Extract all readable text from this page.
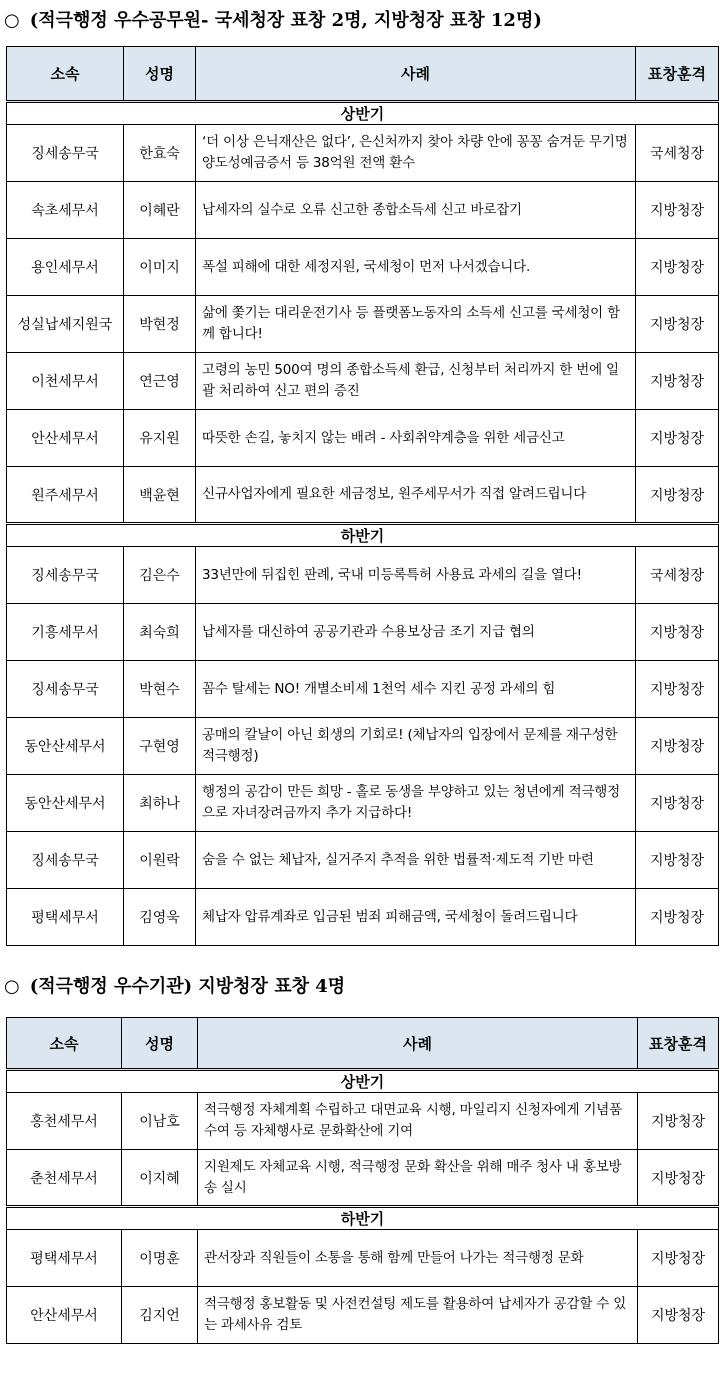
○ (적극행정 우수공무원- 국세청장 표창 2명, 지방청장 표창 12명)
소속	성명	사례	표창훈격
상반기			
징세송무국	한효숙	‘더 이상 은닉재산은 없다’, 은신처까지 찾아 차량 안에 꽁꽁 숨겨둔 무기명 양도성예금증서 등 38억원 전액 환수	국세청장
속초세무서	이혜란	납세자의 실수로 오류 신고한 종합소득세 신고 바로잡기	지방청장
용인세무서	이미지	폭설 피해에 대한 세정지원, 국세청이 먼저 나서겠습니다.	지방청장
성실납세지원국	박현정	삶에 쫓기는 대리운전기사 등 플랫폼노동자의 소득세 신고를 국세청이 함께 합니다!	지방청장
이천세무서	연근영	고령의 농민 500여 명의 종합소득세 환급, 신청부터 처리까지 한 번에 일괄 처리하여 신고 편의 증진	지방청장
안산세무서	유지원	따뜻한 손길, 놓치지 않는 배려 - 사회취약계층을 위한 세금신고	지방청장
원주세무서	백윤현	신규사업자에게 필요한 세금정보, 원주세무서가 직접 알려드립니다	지방청장
하반기			
징세송무국	김은수	33년만에 뒤집힌 판례, 국내 미등록특허 사용료 과세의 길을 열다!	국세청장
기흥세무서	최숙희	납세자를 대신하여 공공기관과 수용보상금 조기 지급 협의	지방청장
징세송무국	박현수	꼼수 탈세는 NO! 개별소비세 1천억 세수 지킨 공정 과세의 힘	지방청장
동안산세무서	구현영	공매의 칼날이 아닌 회생의 기회로! (체납자의 입장에서 문제를 재구성한 적극행정)	지방청장
동안산세무서	최하나	행정의 공감이 만든 희망 - 홀로 동생을 부양하고 있는 청년에게 적극행정으로 자녀장려금까지 추가 지급하다!	지방청장
징세송무국	이원락	숨을 수 없는 체납자, 실거주지 추적을 위한 법률적·제도적 기반 마련	지방청장
평택세무서	김영욱	체납자 압류계좌로 입금된 범죄 피해금액, 국세청이 돌려드립니다	지방청장
○ (적극행정 우수기관) 지방청장 표창 4명
소속	성명	사례	표창훈격
상반기			
홍천세무서	이남호	적극행정 자체계획 수립하고 대면교육 시행, 마일리지 신청자에게 기념품 수여 등 자체행사로 문화확산에 기여	지방청장
춘천세무서	이지혜	지원제도 자체교육 시행, 적극행정 문화 확산을 위해 매주 청사 내 홍보방송 실시	지방청장
하반기			
평택세무서	이명훈	관서장과 직원들이 소통을 통해 함께 만들어 나가는 적극행정 문화	지방청장
안산세무서	김지언	적극행정 홍보활동 및 사전컨설팅 제도를 활용하여 납세자가 공감할 수 있는 과세사유 검토	지방청장
